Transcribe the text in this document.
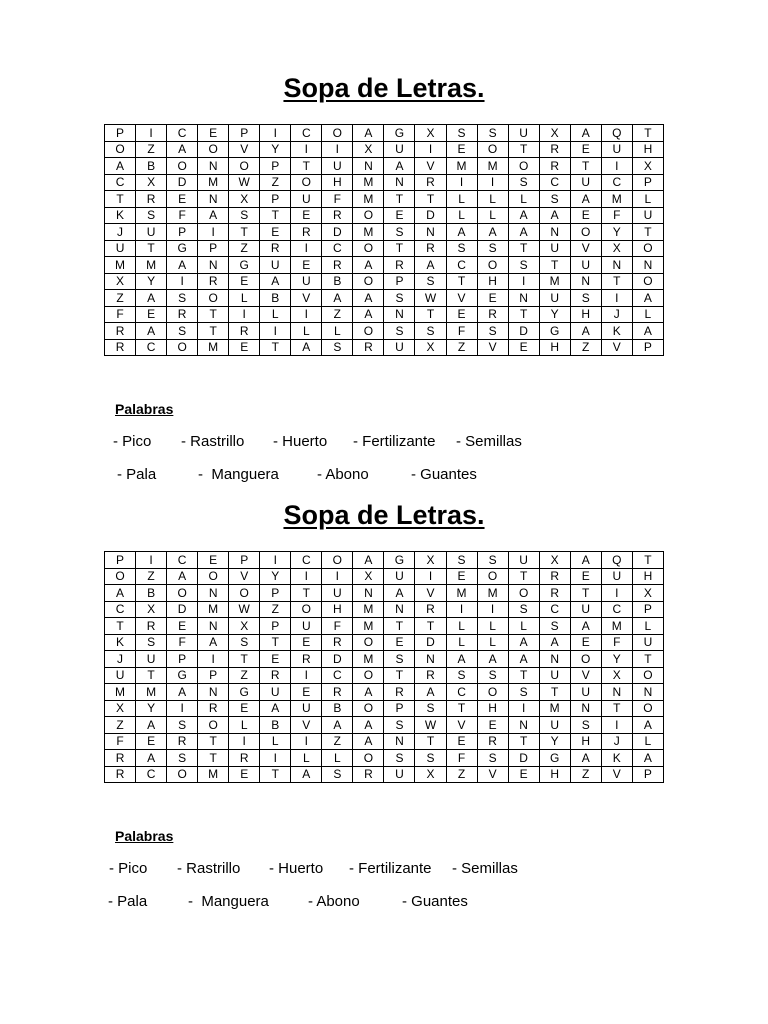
Sopa de Letras.
P	I	C	E	P	I	C	O	A	G	X	S	S	U	X	A	Q	T
O	Z	A	O	V	Y	I	I	X	U	I	E	O	T	R	E	U	H
A	B	O	N	O	P	T	U	N	A	V	M	M	O	R	T	I	X
C	X	D	M	W	Z	O	H	M	N	R	I	I	S	C	U	C	P
T	R	E	N	X	P	U	F	M	T	T	L	L	L	S	A	M	L
K	S	F	A	S	T	E	R	O	E	D	L	L	A	A	E	F	U
J	U	P	I	T	E	R	D	M	S	N	A	A	A	N	O	Y	T
U	T	G	P	Z	R	I	C	O	T	R	S	S	T	U	V	X	O
M	M	A	N	G	U	E	R	A	R	A	C	O	S	T	U	N	N
X	Y	I	R	E	A	U	B	O	P	S	T	H	I	M	N	T	O
Z	A	S	O	L	B	V	A	A	S	W	V	E	N	U	S	I	A
F	E	R	T	I	L	I	Z	A	N	T	E	R	T	Y	H	J	L
R	A	S	T	R	I	L	L	O	S	S	F	S	D	G	A	K	A
R	C	O	M	E	T	A	S	R	U	X	Z	V	E	H	Z	V	P
Palabras
- Pico - Rastrillo - Huerto - Fertilizante - Semillas
- Pala	-  Manguera	- Abono	- Guantes
Sopa de Letras.
P	I	C	E	P	I	C	O	A	G	X	S	S	U	X	A	Q	T
O	Z	A	O	V	Y	I	I	X	U	I	E	O	T	R	E	U	H
A	B	O	N	O	P	T	U	N	A	V	M	M	O	R	T	I	X
C	X	D	M	W	Z	O	H	M	N	R	I	I	S	C	U	C	P
T	R	E	N	X	P	U	F	M	T	T	L	L	L	S	A	M	L
K	S	F	A	S	T	E	R	O	E	D	L	L	A	A	E	F	U
J	U	P	I	T	E	R	D	M	S	N	A	A	A	N	O	Y	T
U	T	G	P	Z	R	I	C	O	T	R	S	S	T	U	V	X	O
M	M	A	N	G	U	E	R	A	R	A	C	O	S	T	U	N	N
X	Y	I	R	E	A	U	B	O	P	S	T	H	I	M	N	T	O
Z	A	S	O	L	B	V	A	A	S	W	V	E	N	U	S	I	A
F	E	R	T	I	L	I	Z	A	N	T	E	R	T	Y	H	J	L
R	A	S	T	R	I	L	L	O	S	S	F	S	D	G	A	K	A
R	C	O	M	E	T	A	S	R	U	X	Z	V	E	H	Z	V	P
Palabras
- Pico - Rastrillo - Huerto - Fertilizante - Semillas
- Pala	-  Manguera	- Abono	- Guantes
